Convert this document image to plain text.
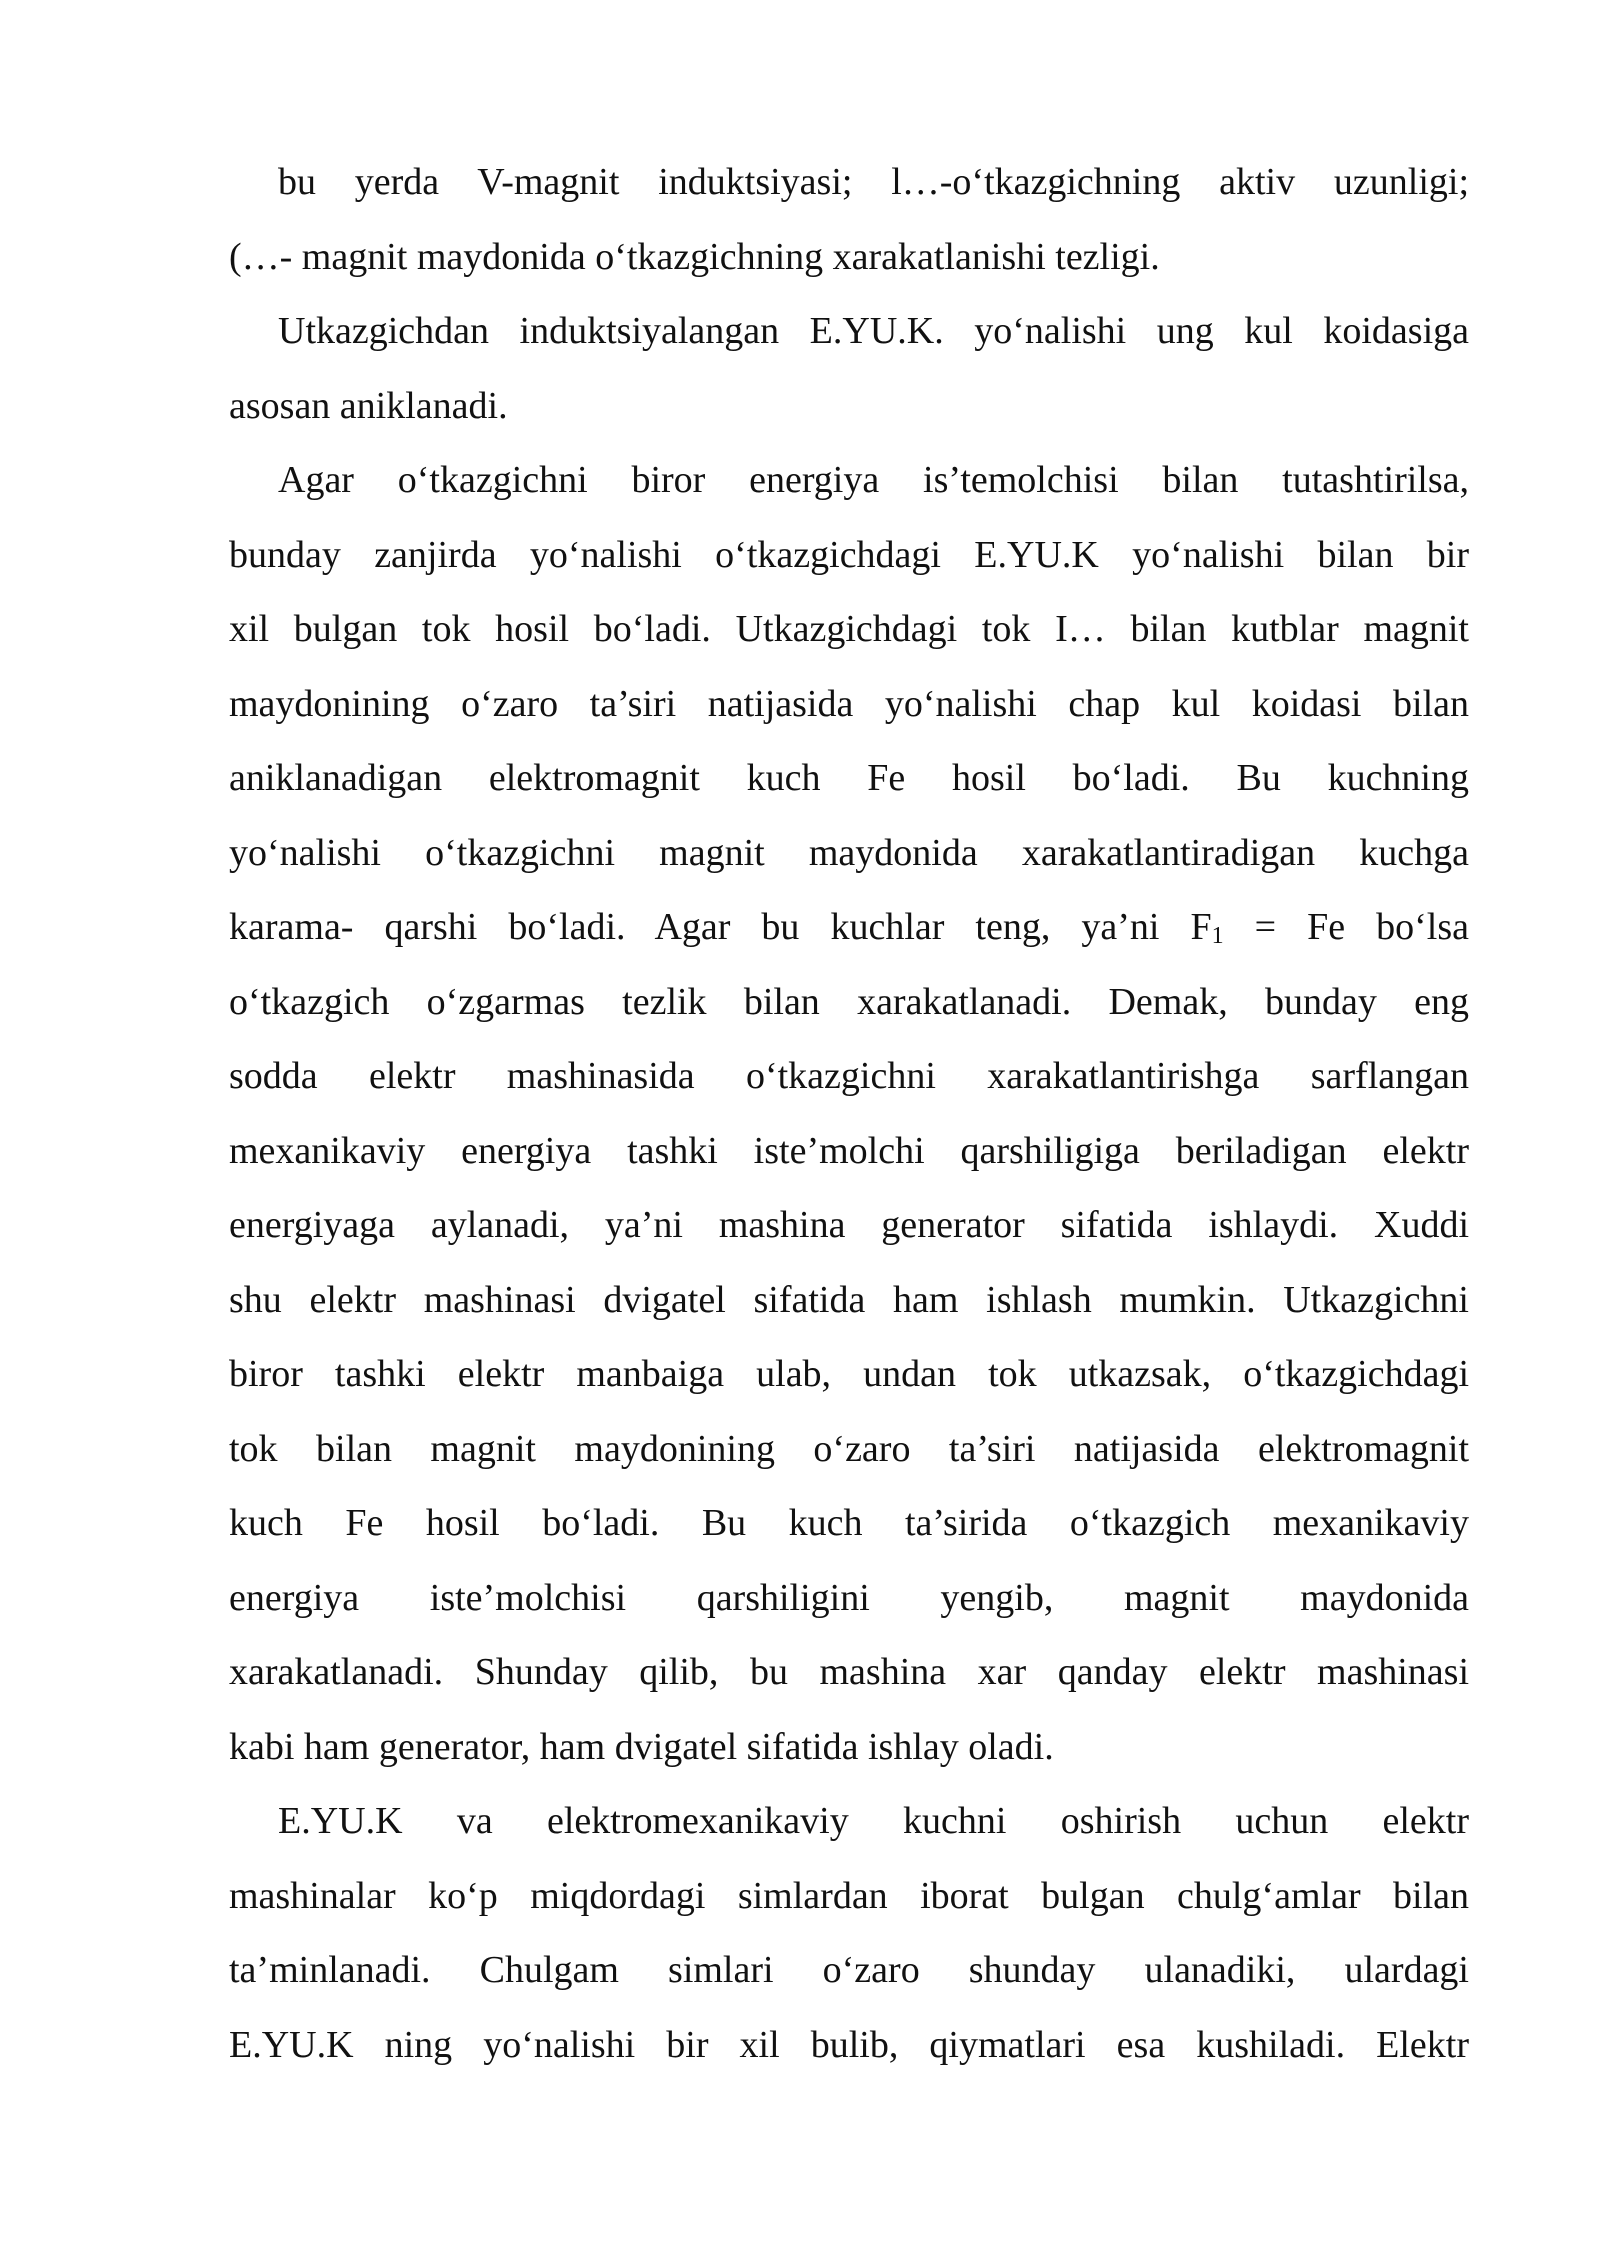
bu yerda V-magnit induktsiyasi; l…-o‘tkazgichning aktiv uzunligi;
(…- magnit maydonida o‘tkazgichning xarakatlanishi tezligi.

Utkazgichdan induktsiyalangan E.YU.K. yo‘nalishi ung kul koidasiga
asosan aniklanadi.

Agar o‘tkazgichni biror energiya is’temolchisi bilan tutashtirilsa,
bunday zanjirda yo‘nalishi o‘tkazgichdagi E.YU.K yo‘nalishi bilan bir
xil bulgan tok hosil bo‘ladi. Utkazgichdagi tok I… bilan kutblar magnit
maydonining o‘zaro ta’siri natijasida yo‘nalishi chap kul koidasi bilan
aniklanadigan elektromagnit kuch Fe hosil bo‘ladi. Bu kuchning
yo‘nalishi o‘tkazgichni magnit maydonida xarakatlantiradigan kuchga
karama- qarshi bo‘ladi. Agar bu kuchlar teng, ya’ni $F_1 = Fe$ bo‘lsa
o‘tkazgich o‘zgarmas tezlik bilan xarakatlanadi. Demak, bunday eng
sodda elektr mashinasida o‘tkazgichni xarakatlantirishga sarflangan
mexanikaviy energiya tashki iste’molchi qarshiligiga beriladigan elektr
energiyaga aylanadi, ya’ni mashina generator sifatida ishlaydi. Xuddi
shu elektr mashinasi dvigatel sifatida ham ishlash mumkin. Utkazgichni
biror tashki elektr manbaiga ulab, undan tok utkazsak, o‘tkazgichdagi
tok bilan magnit maydonining o‘zaro ta’siri natijasida elektromagnit
kuch Fe hosil bo‘ladi. Bu kuch ta’sirida o‘tkazgich mexanikaviy
energiya iste’molchisi qarshiligini yengib, magnit maydonida
xarakatlanadi. Shunday qilib, bu mashina xar qanday elektr mashinasi
kabi ham generator, ham dvigatel sifatida ishlay oladi.

E.YU.K va elektromexanikaviy kuchni oshirish uchun elektr
mashinalar ko‘p miqdordagi simlardan iborat bulgan chulg‘amlar bilan
ta’minlanadi. Chulgam simlari o‘zaro shunday ulanadiki, ulardagi
E.YU.K ning yo‘nalishi bir xil bulib, qiymatlari esa kushiladi. Elektr
